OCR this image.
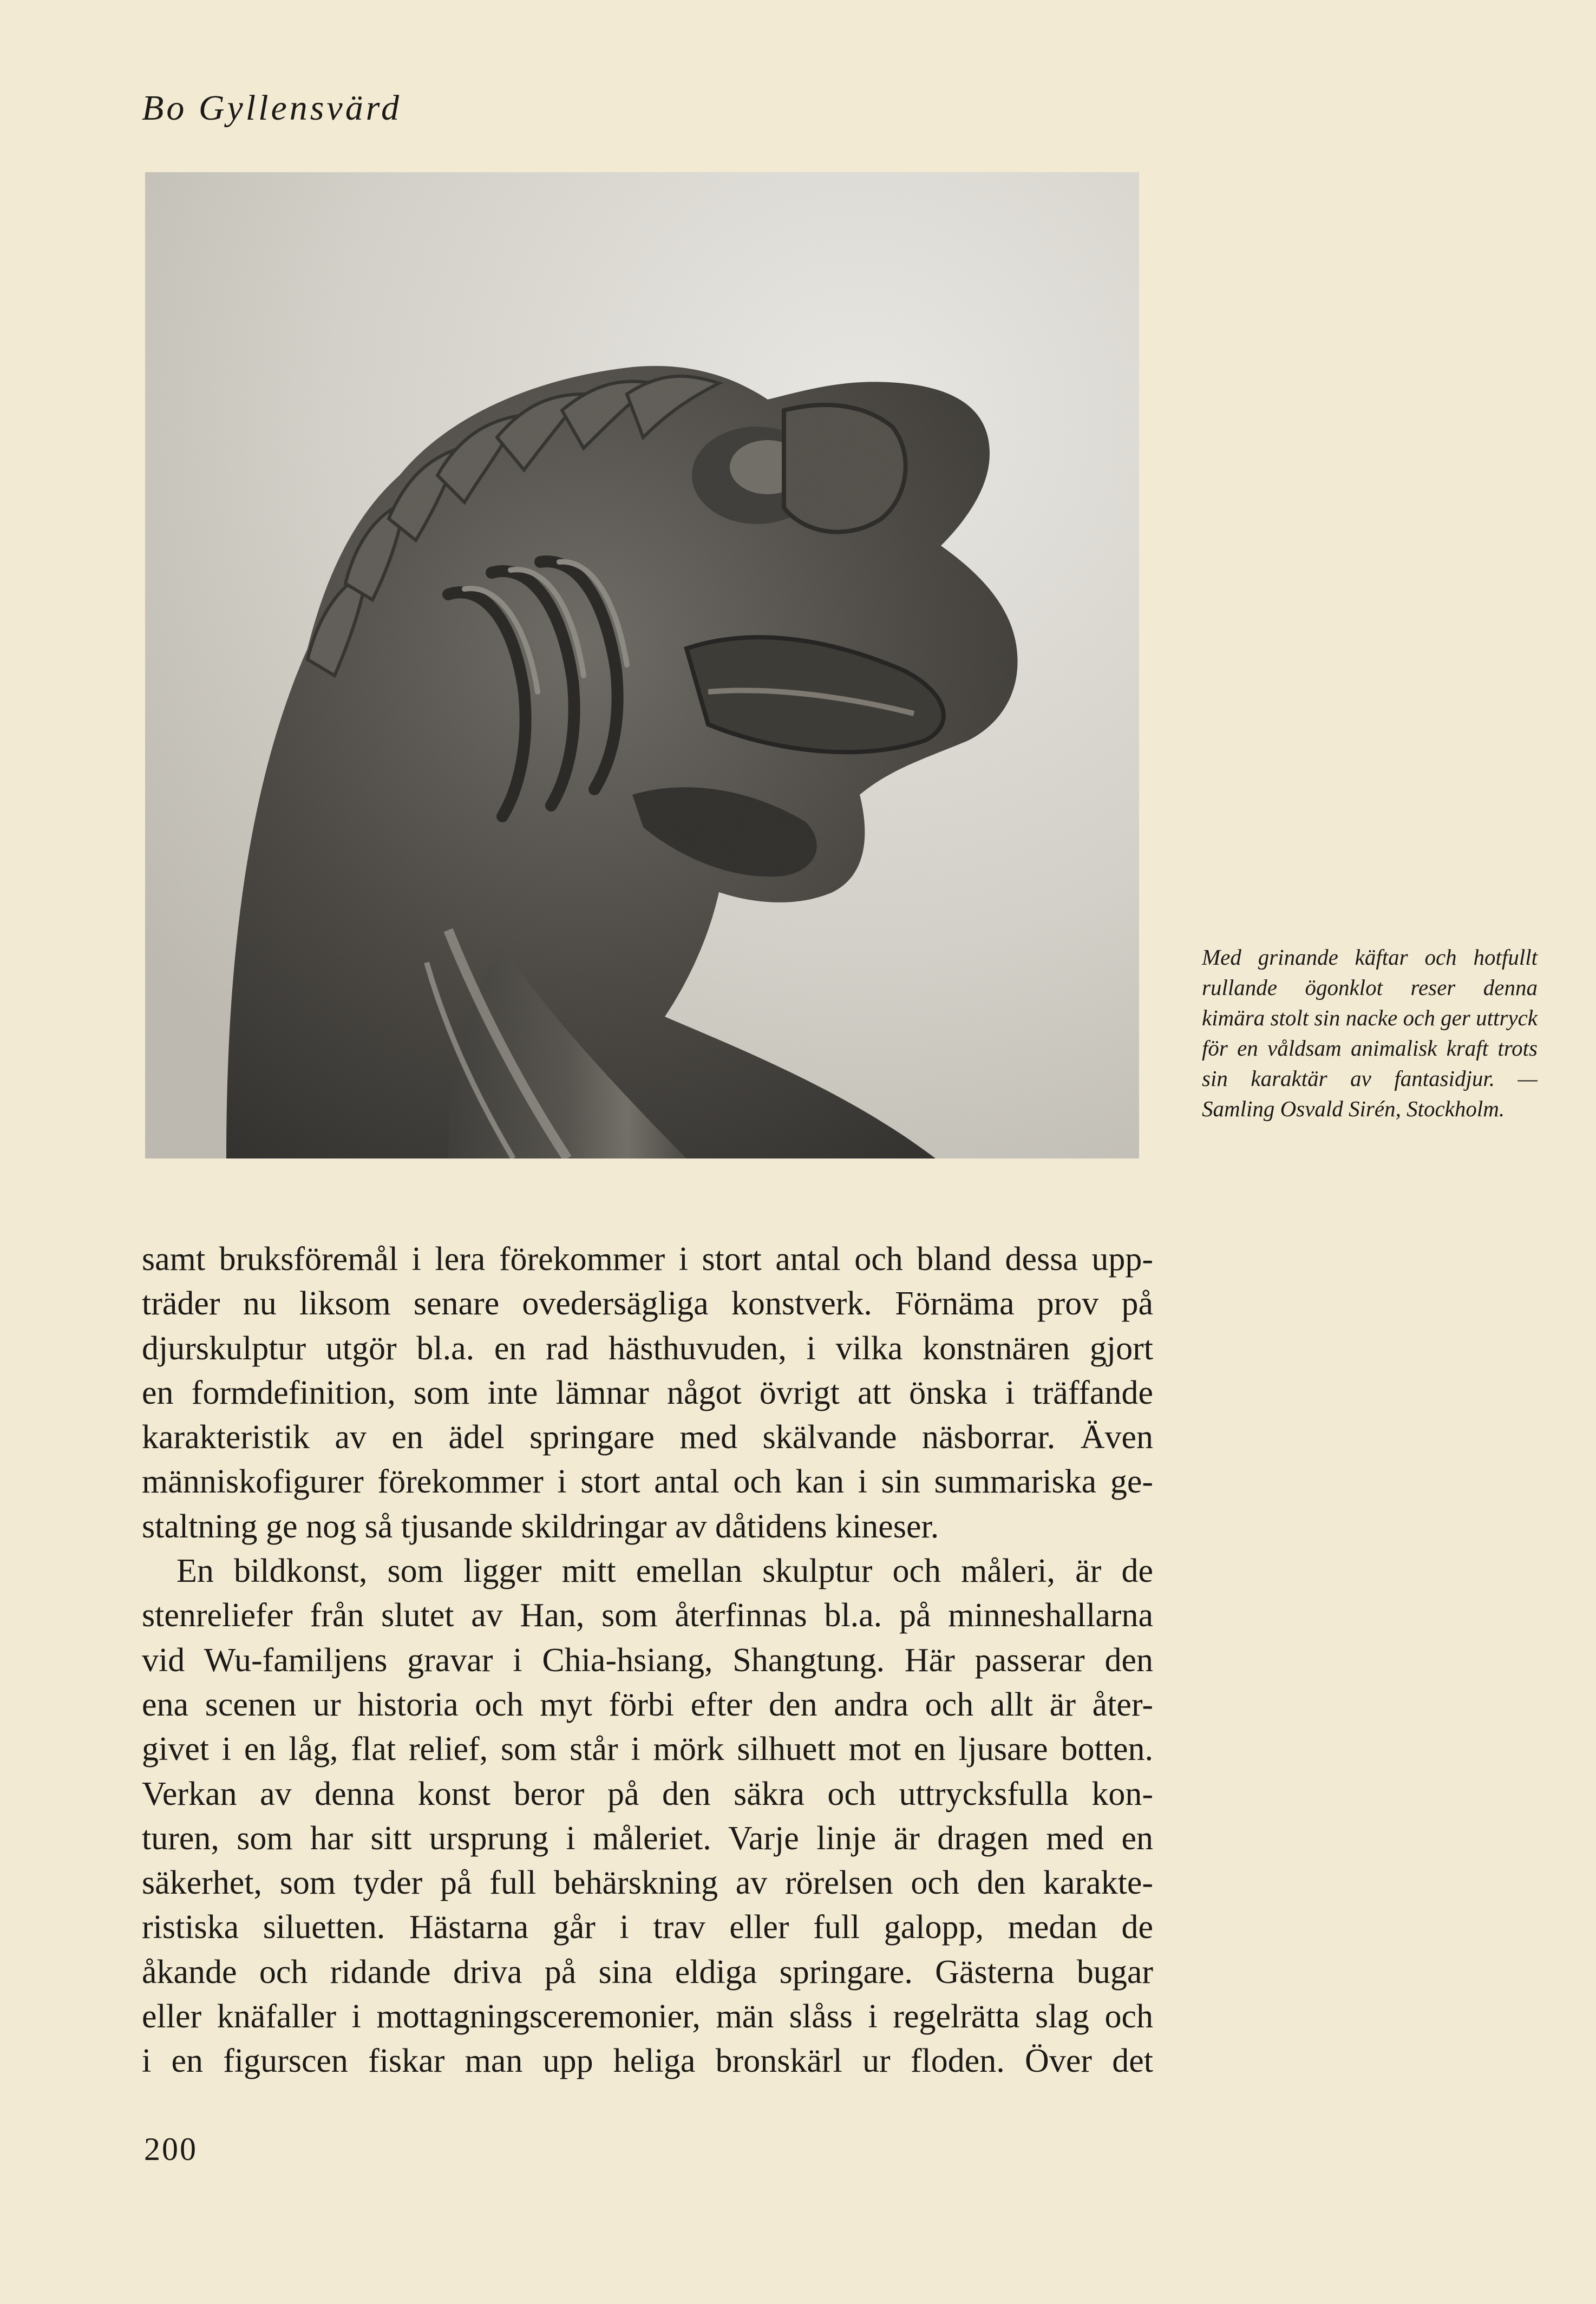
Bo Gyllensvärd

Med grinande käftar och hotfullt rullande ögonklot reser denna kimära stolt sin nacke och ger uttryck för en våldsam animalisk kraft trots sin karaktär av fantasidjur. — Samling Osvald Sirén, Stockholm.

samt bruksföremål i lera förekommer i stort antal och bland dessa upp-

träder nu liksom senare ovedersägliga konstverk. Förnäma prov på

djurskulptur utgör bl.a. en rad hästhuvuden, i vilka konstnären gjort

en formdefinition, som inte lämnar något övrigt att önska i träffande

karakteristik av en ädel springare med skälvande näsborrar. Även

människofigurer förekommer i stort antal och kan i sin summariska ge-

staltning ge nog så tjusande skildringar av dåtidens kineser.

En bildkonst, som ligger mitt emellan skulptur och måleri, är de

stenreliefer från slutet av Han, som återfinnas bl.a. på minneshallarna

vid Wu-familjens gravar i Chia-hsiang, Shangtung. Här passerar den

ena scenen ur historia och myt förbi efter den andra och allt är åter-

givet i en låg, flat relief, som står i mörk silhuett mot en ljusare botten.

Verkan av denna konst beror på den säkra och uttrycksfulla kon-

turen, som har sitt ursprung i måleriet. Varje linje är dragen med en

säkerhet, som tyder på full behärskning av rörelsen och den karakte-

ristiska siluetten. Hästarna går i trav eller full galopp, medan de

åkande och ridande driva på sina eldiga springare. Gästerna bugar

eller knäfaller i mottagningsceremonier, män slåss i regelrätta slag och

i en figurscen fiskar man upp heliga bronskärl ur floden. Över det

200
